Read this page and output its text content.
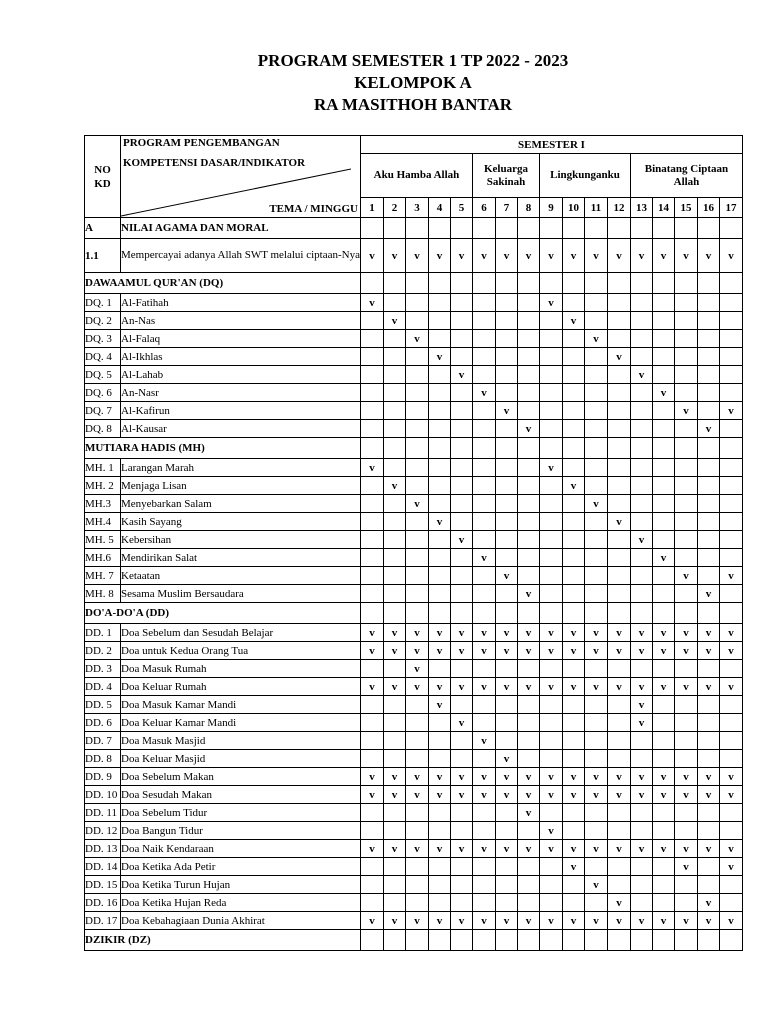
PROGRAM SEMESTER 1 TP 2022 - 2023
KELOMPOK A
RA MASITHOH BANTAR
NO
KD	PROGRAM PENGEMBANGAN
KOMPETENSI DASAR/INDIKATOR
TEMA / MINGGU	SEMESTER I																
		Aku Hamba Allah					Keluarga Sakinah			Lingkunganku				Binatang Ciptaan Allah				
		1	2	3	4	5	6	7	8	9	10	11	12	13	14	15	16	17
A	NILAI AGAMA DAN MORAL																	
1.1	Mempercayai adanya Allah SWT melalui ciptaan-Nya	v	v	v	v	v	v	v	v	v	v	v	v	v	v	v	v	v
DAWAAMUL QUR'AN (DQ)																		
DQ. 1	Al-Fatihah	v								v								
DQ. 2	An-Nas		v								v							
DQ. 3	Al-Falaq			v								v						
DQ. 4	Al-Ikhlas				v								v					
DQ. 5	Al-Lahab					v								v				
DQ. 6	An-Nasr						v								v			
DQ. 7	Al-Kafirun							v								v		v
DQ. 8	Al-Kausar								v								v	
MUTIARA HADIS (MH)																		
MH. 1	Larangan Marah	v								v								
MH. 2	Menjaga Lisan		v								v							
MH.3	Menyebarkan Salam			v								v						
MH.4	Kasih Sayang				v								v					
MH. 5	Kebersihan					v								v				
MH.6	Mendirikan Salat						v								v			
MH. 7	Ketaatan							v								v		v
MH. 8	Sesama Muslim Bersaudara								v								v	
DO'A-DO'A (DD)																		
DD. 1	Doa Sebelum dan Sesudah Belajar	v	v	v	v	v	v	v	v	v	v	v	v	v	v	v	v	v
DD. 2	Doa untuk Kedua Orang Tua	v	v	v	v	v	v	v	v	v	v	v	v	v	v	v	v	v
DD. 3	Doa Masuk Rumah			v														
DD. 4	Doa Keluar Rumah	v	v	v	v	v	v	v	v	v	v	v	v	v	v	v	v	v
DD. 5	Doa Masuk Kamar Mandi				v									v				
DD. 6	Doa Keluar Kamar Mandi					v								v				
DD. 7	Doa Masuk Masjid						v											
DD. 8	Doa Keluar Masjid							v										
DD. 9	Doa Sebelum Makan	v	v	v	v	v	v	v	v	v	v	v	v	v	v	v	v	v
DD. 10	Doa Sesudah Makan	v	v	v	v	v	v	v	v	v	v	v	v	v	v	v	v	v
DD. 11	Doa Sebelum Tidur								v									
DD. 12	Doa Bangun Tidur									v								
DD. 13	Doa Naik Kendaraan	v	v	v	v	v	v	v	v	v	v	v	v	v	v	v	v	v
DD. 14	Doa Ketika Ada Petir										v					v		v
DD. 15	Doa Ketika Turun Hujan											v						
DD. 16	Doa Ketika Hujan Reda												v				v	
DD. 17	Doa Kebahagiaan Dunia Akhirat	v	v	v	v	v	v	v	v	v	v	v	v	v	v	v	v	v
DZIKIR (DZ)																		
